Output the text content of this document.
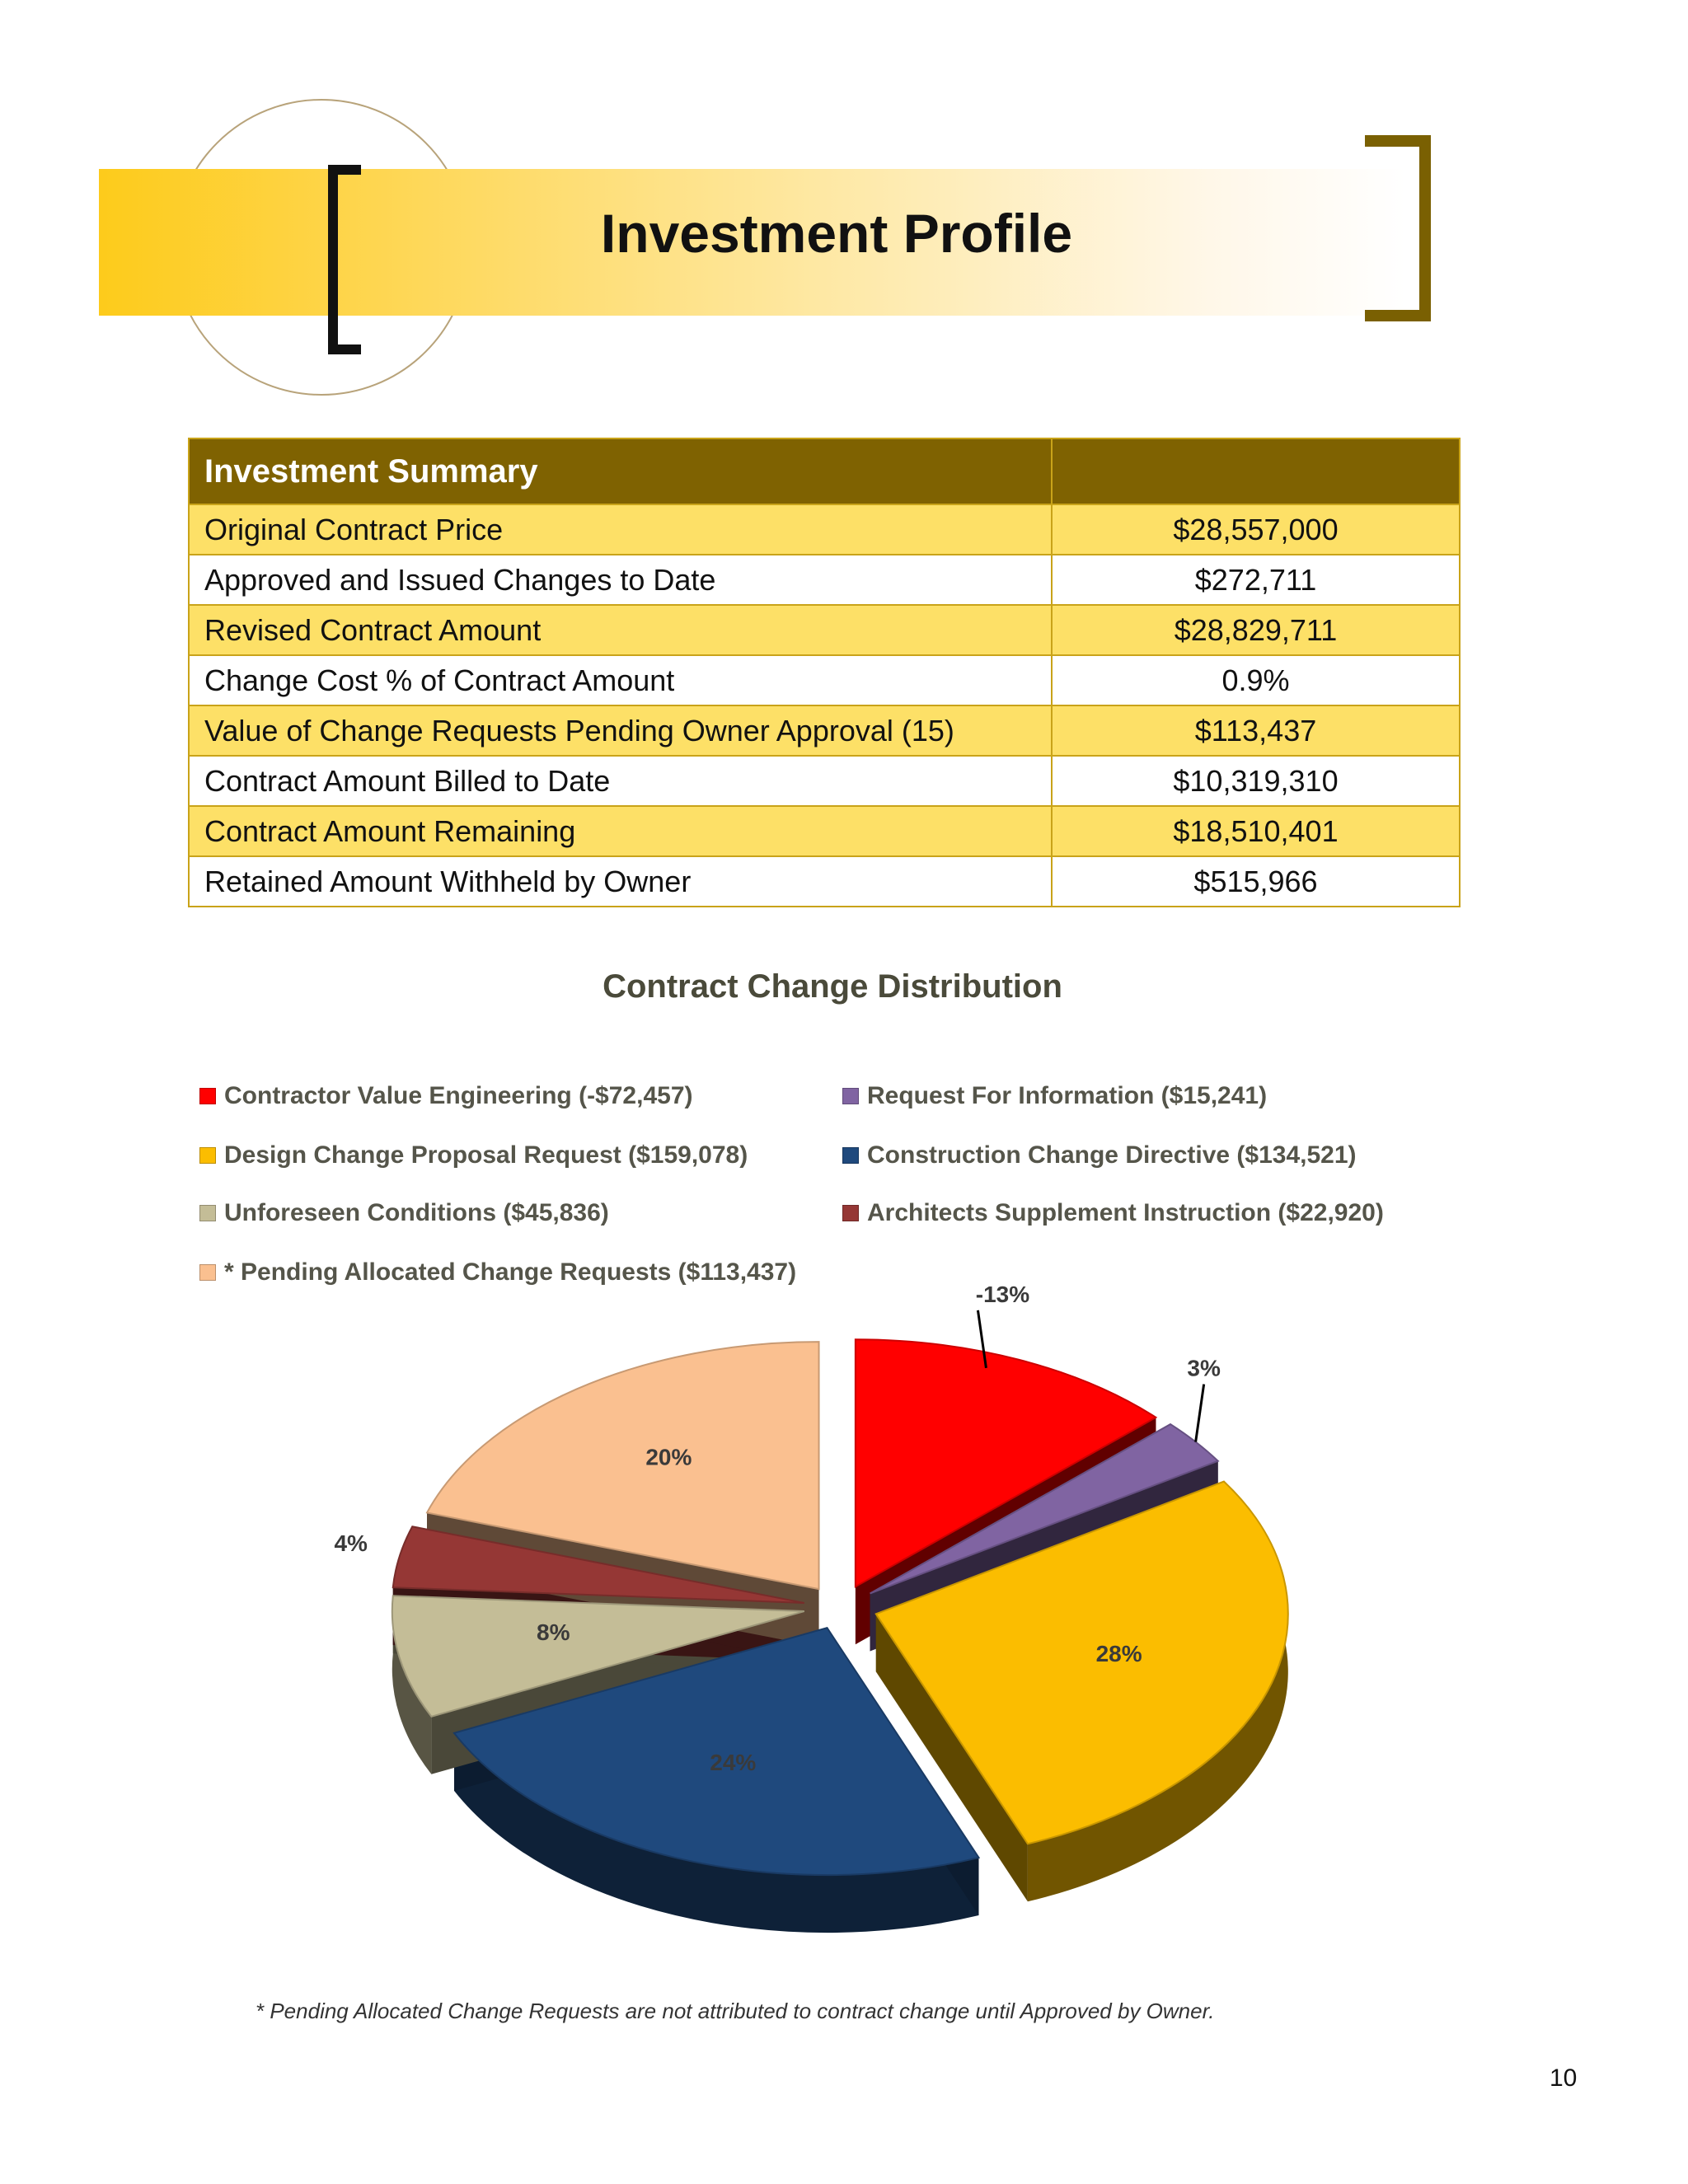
Investment Profile
Investment Summary	
Original Contract Price	$28,557,000
Approved and Issued Changes to Date	$272,711
Revised Contract Amount	$28,829,711
Change Cost % of Contract Amount	0.9%
Value of Change Requests Pending Owner Approval (15)	$113,437
Contract Amount Billed to Date	$10,319,310
Contract Amount Remaining	$18,510,401
Retained Amount Withheld by Owner	$515,966
Contract Change Distribution
Contractor Value Engineering (-$72,457)	Request For Information ($15,241)
Design Change Proposal Request ($159,078)	Construction Change Directive ($134,521)
Unforeseen Conditions ($45,836)	Architects Supplement Instruction ($22,920)
* Pending Allocated Change Requests ($113,437)
-13%
3%
28%
24%
8%
4%
20%
* Pending Allocated Change Requests are not attributed to contract change until Approved by Owner.
10
